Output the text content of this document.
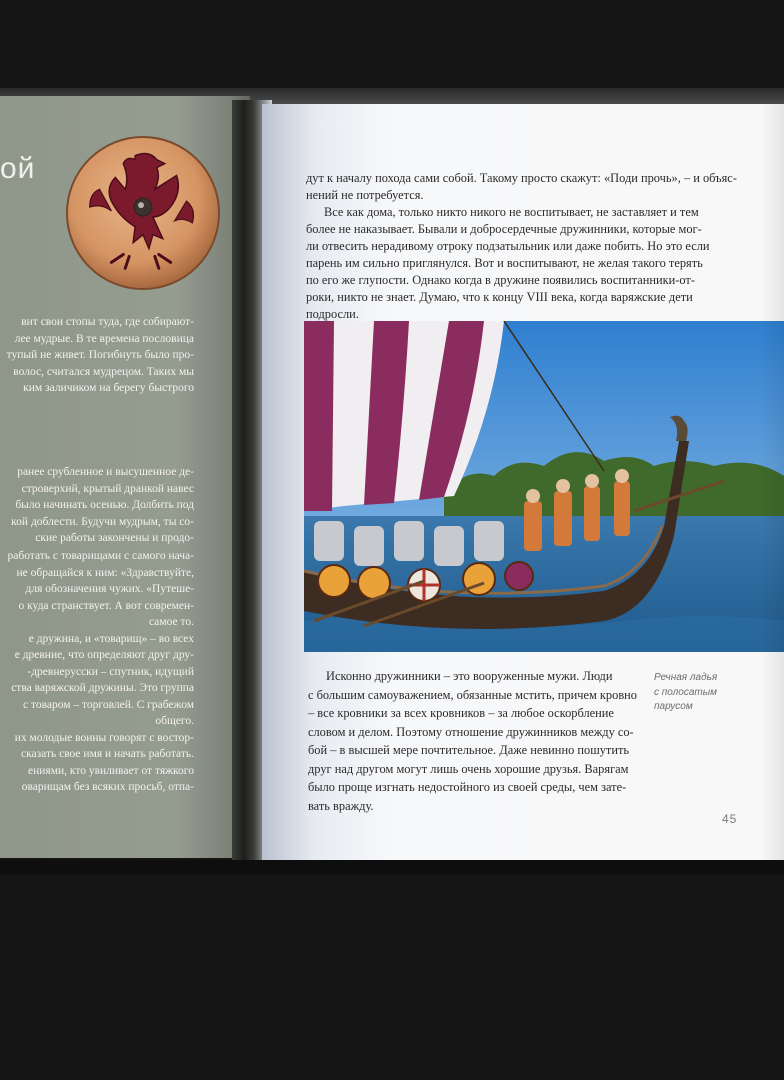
ой

вит свои стопы туда, где собирают-

лее мудрые. В те времена пословица

тупый не живет. Погибнуть было про-

волос, считался мудрецом. Таких мы

ким заличиком на берегу быстрого

ранее срубленное и высушенное де-

строверхий, крытый дранкой навес

было начинать осенью. Долбить под

кой доблести. Будучи мудрым, ты со-

ские работы закончены и продо-

работать с товарищами с самого нача-

не обращайся к ним: «Здравствуйте,

для обозначения чужих. «Путеше-

о куда странствует. А вот современ-

самое то.

е дружина, и «товарищ» – во всех

е древние, что определяют друг дру-

-древнерусски – спутник, идущий

ства варяжской дружины. Это группа

с товаром – торговлей. С грабежом

общего.

их молодые воины говорят с востор-

сказать свое имя и начать работать.

ениями, кто увиливает от тяжкого

оварищам без всяких просьб, отпа-

дут к началу похода сами собой. Такому просто скажут: «Поди прочь», – и объяс-

нений не потребуется.

Все как дома, только никто никого не воспитывает, не заставляет и тем

более не наказывает. Бывали и добросердечные дружинники, которые мог-

ли отвесить нерадивому отроку подзатыльник или даже побить. Но это если

парень им сильно приглянулся. Вот и воспитывают, не желая такого терять

по его же глупости. Однако когда в дружине появились воспитанники-от-

роки, никто не знает. Думаю, что к концу VIII века, когда варяжские дети

подросли.

Речная ладья

с полосатым

парусом

Исконно дружинники – это вооруженные мужи. Люди

с большим самоуважением, обязанные мстить, причем кровно

– все кровники за всех кровников – за любое оскорбление

словом и делом. Поэтому отношение дружинников между со-

бой – в высшей мере почтительное. Даже невинно пошутить

друг над другом могут лишь очень хорошие друзья. Варягам

было проще изгнать недостойного из своей среды, чем зате-

вать вражду.

45
